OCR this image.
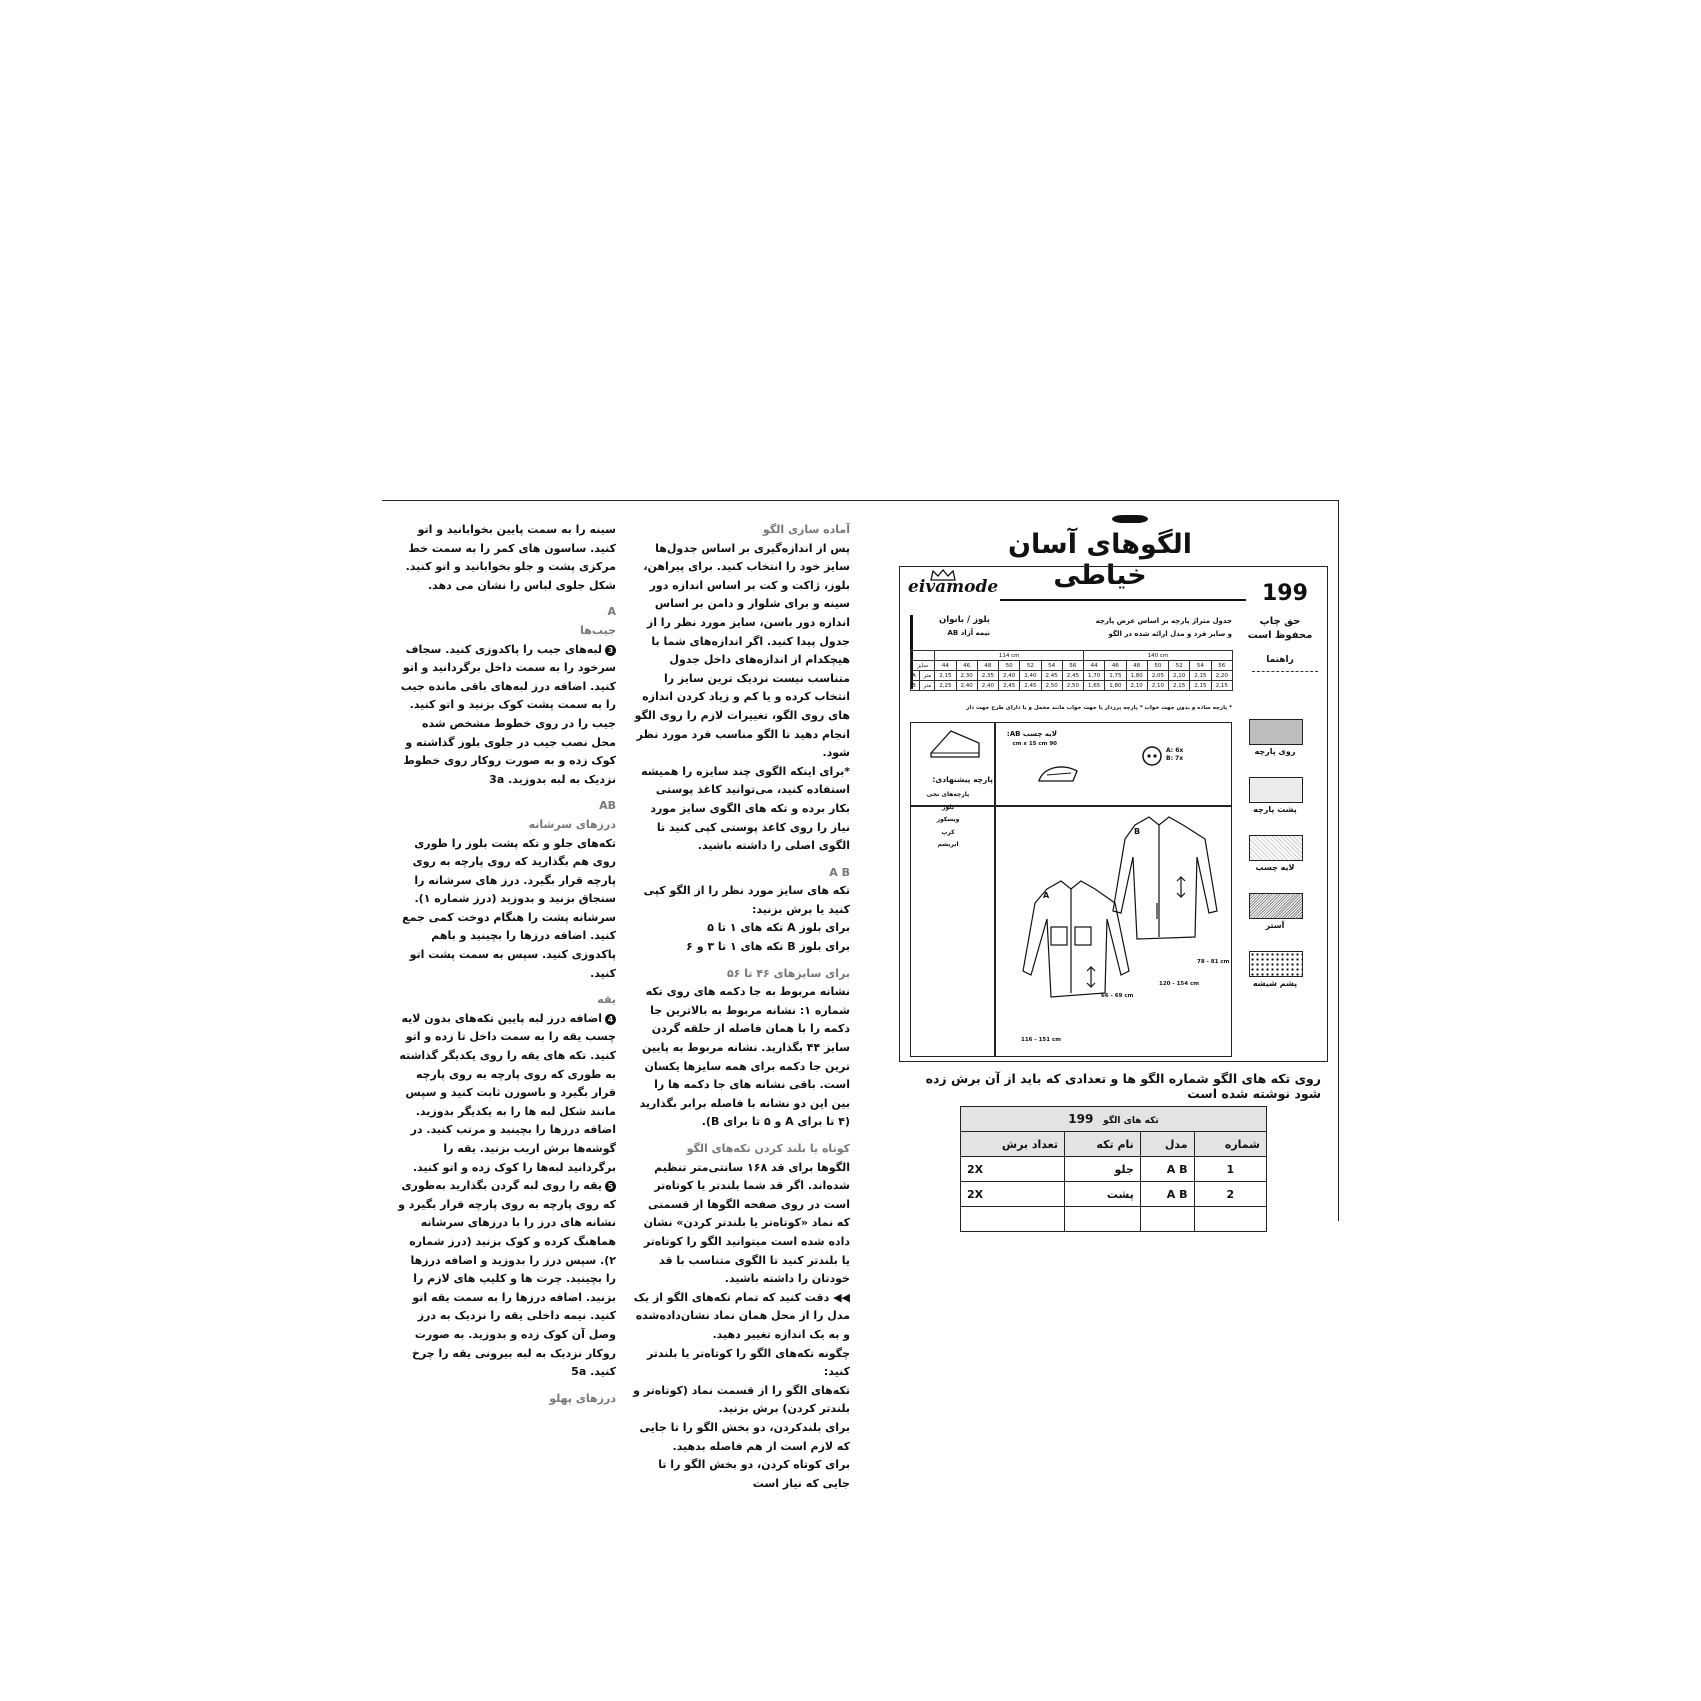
سینه را به سمت پایین بخوابانید و اتو کنید. ساسون های کمر را به سمت خط مرکزی پشت و جلو بخوابانید و اتو کنید.

شکل جلوی لباس را نشان می دهد.

A

جیب‌ها

3لبه‌های جیب را پاکدوزی کنید. سجاف سرخود را به سمت داخل برگردانید و اتو کنید. اضافه درز لبه‌های باقی مانده جیب را به سمت پشت کوک بزنید و اتو کنید.

جیب را در روی خطوط مشخص شده محل نصب جیب در جلوی بلوز گذاشته و کوک زده و به صورت روکار روی خطوط نزدیک به لبه بدوزید. 3a

AB

درزهای سرشانه

تکه‌های جلو و تکه پشت بلوز را طوری روی هم بگذارید که روی پارچه به روی پارچه قرار بگیرد. درز های سرشانه را سنجاق بزنید و بدوزید (درز شماره ۱). سرشانه پشت را هنگام دوخت کمی جمع کنید. اضافه درزها را بچینید و باهم پاکدوزی کنید. سپس به سمت پشت اتو کنید.

یقه

4اضافه درز لبه پایین تکه‌های بدون لایه چسب یقه را به سمت داخل تا زده و اتو کنید. تکه های یقه را روی یکدیگر گذاشته به طوری که روی پارچه به روی پارچه قرار بگیرد و باسوزن ثابت کنید و سپس مانند شکل لبه ها را به یکدیگر بدوزید. اضافه درزها را بچینید و مرتب کنید. در گوشه‌ها برش اریب بزنید. یقه را برگردانید لبه‌ها را کوک زده و اتو کنید.

5یقه را روی لبه گردن بگذارید به‌طوری که روی پارچه به روی پارچه قرار بگیرد و نشانه های درز را با درزهای سرشانه هماهنگ کرده و کوک بزنید (درز شماره ۲). سپس درز را بدوزید و اضافه درزها را بچینید. چرت ها و کلیپ های لازم را بزنید. اضافه درزها را به سمت یقه اتو کنید. نیمه داخلی یقه را نزدیک به درز وصل آن کوک زده و بدوزید. به صورت روکار نزدیک به لبه بیرونی یقه را چرخ کنید. 5a

درزهای پهلو

آماده سازی الگو

پس از اندازه‌گیری بر اساس جدول‌ها سایز خود را انتخاب کنید. برای پیراهن، بلوز، ژاکت و کت بر اساس اندازه دور سینه و برای شلوار و دامن بر اساس اندازه دور باسن، سایز مورد نظر را از جدول پیدا کنید. اگر اندازه‌های شما با هیچکدام از اندازه‌های داخل جدول متناسب نیست نزدیک ترین سایز را انتخاب کرده و یا کم و زیاد کردن اندازه های روی الگو، تغییرات لازم را روی الگو انجام دهید تا الگو مناسب فرد مورد نظر شود.

*برای اینکه الگوی چند سایزه را همیشه استفاده کنید، می‌توانید کاغذ پوستی بکار برده و تکه های الگوی سایز مورد نیاز را روی کاغذ پوستی کپی کنید تا الگوی اصلی را داشته باشید.

A B

تکه های سایز مورد نظر را از الگو کپی کنید یا برش بزنید:

برای بلوز A تکه های ۱ تا ۵

برای بلوز B تکه های ۱ تا ۳ و ۶

برای سایزهای ۴۶ تا ۵۶

نشانه مربوط به جا دکمه های روی تکه شماره ۱: نشانه مربوط به بالاترین جا دکمه را با همان فاصله از حلقه گردن سایز ۴۴ بگذارید. نشانه مربوط به پایین ترین جا دکمه برای همه سایزها یکسان است. باقی نشانه های جا دکمه ها را بین این دو نشانه با فاصله برابر بگذارید (۴ تا برای A و ۵ تا برای B).

کوتاه یا بلند کردن تکه‌های الگو

الگوها برای قد ۱۶۸ سانتی‌متر تنظیم شده‌اند. اگر قد شما بلندتر یا کوتاه‌تر است در روی صفحه الگوها از قسمتی که نماد «کوتاه‌تر یا بلندتر کردن» نشان داده شده است میتوانید الگو را کوتاه‌تر یا بلندتر کنید تا الگوی متناسب با قد خودتان را داشته باشید.

◀◀ دقت کنید که تمام تکه‌های الگو از یک مدل را از محل همان نماد نشان‌داده‌شده و به یک اندازه تغییر دهید.

چگونه تکه‌های الگو را کوتاه‌تر یا بلندتر کنید:

تکه‌های الگو را از قسمت نماد (کوتاه‌تر و بلندتر کردن) برش بزنید.

برای بلندکردن، دو بخش الگو را تا جایی که لازم است از هم فاصله بدهید.

برای کوتاه کردن، دو بخش الگو را تا جایی که نیاز است

الگوهای آسان خیاطی
eivamode	199
حق چاپ
محفوظ است
راهنما
بلوز / بانوان
نیمه آزاد AB
جدول متراژ پارچه بر اساس عرض پارچه
و سایز فرد و مدل ارائه شده در الگو
		114 cm							140 cm						
سایز		44	46	48	50	52	54	56	44	46	48	50	52	54	56
A	متر	2,15	2,30	2,35	2,40	2,40	2,45	2,45	1,70	1,75	1,80	2,05	2,10	2,15	2,20
B	متر	2,25	2,40	2,40	2,45	2,45	2,50	2,50	1,65	1,80	2,10	2,10	2,15	2,15	2,15
* پارچه ساده و بدون جهت خواب * پارچه پرزدار یا جهت خواب مانند مخمل و یا دارای طرح جهت دار
لایه چسب AB:
90 cm x 15 cm
A: 6x
B: 7x
پارچه پیشنهادی:
پارچه‌های نخی
بلوز
ویسکوز
کرپ
ابریشم
A
B
66 - 69 cm
116 - 151 cm
78 - 81 cm
120 - 154 cm
روی پارچه
پشت پارچه
لایه چسب
آستر
پشم شیشه
روی تکه های الگو شماره الگو ها و تعدادی که باید از آن برش زده شود نوشته شده است
تکه های الگو 199			
شماره	مدل	نام تکه	تعداد برش
1	A B	جلو	2X
2	A B	پشت	2X
